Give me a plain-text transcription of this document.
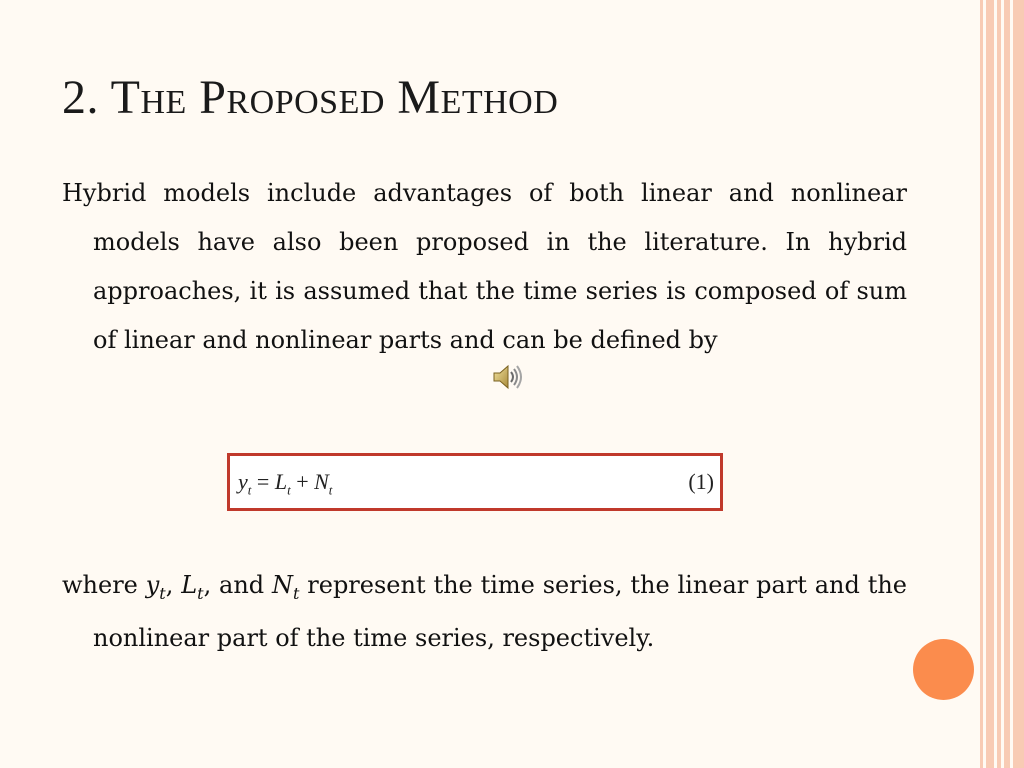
2. The Proposed Method
Hybrid models include advantages of both linear and nonlinear models have also been proposed in the literature. In hybrid approaches, it is assumed that the time series is composed of sum of linear and nonlinear parts and can be defined by
$y_t = L_t + N_t$	(1)
where $y_t$, $L_t$, and $N_t$ represent the time series, the linear part and the nonlinear part of the time series, respectively.
